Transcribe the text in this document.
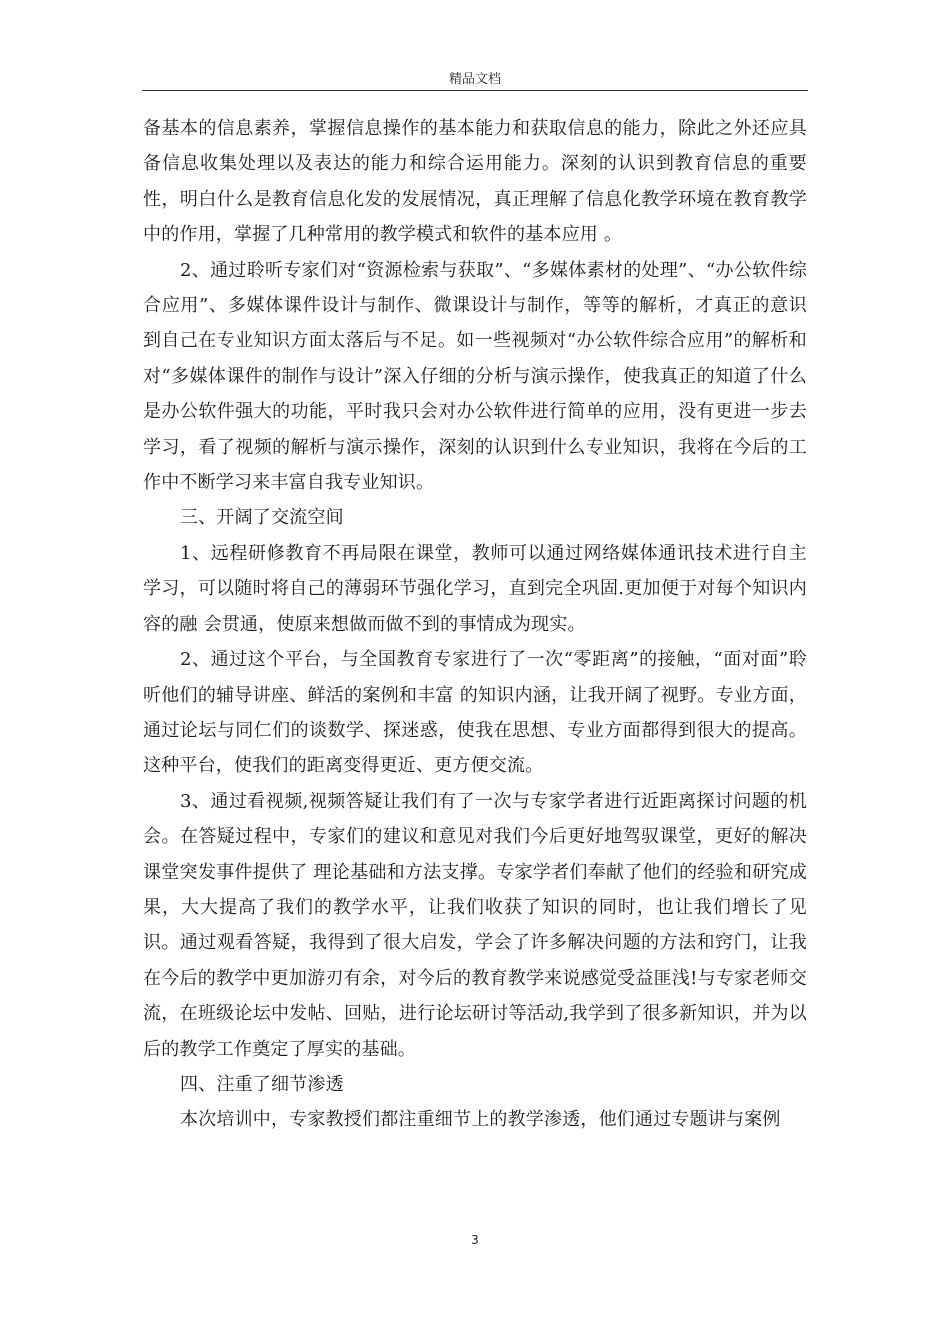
精品文档

备基本的信息素养，掌握信息操作的基本能力和获取信息的能力，除此之外还应具备信息收集处理以及表达的能力和综合运用能力。深刻的认识到教育信息的重要性，明白什么是教育信息化发的发展情况，真正理解了信息化教学环境在教育教学中的作用，掌握了几种常用的教学模式和软件的基本应用 。

2、通过聆听专家们对“资源检索与获取”、“多媒体素材的处理”、“办公软件综合应用”、多媒体课件设计与制作、微课设计与制作，等等的解析，才真正的意识到自己在专业知识方面太落后与不足。如一些视频对“办公软件综合应用”的解析和对“多媒体课件的制作与设计”深入仔细的分析与演示操作，使我真正的知道了什么是办公软件强大的功能，平时我只会对办公软件进行简单的应用，没有更进一步去学习，看了视频的解析与演示操作，深刻的认识到什么专业知识，我将在今后的工作中不断学习来丰富自我专业知识。

三、开阔了交流空间

1、远程研修教育不再局限在课堂，教师可以通过网络媒体通讯技术进行自主学习，可以随时将自己的薄弱环节强化学习，直到完全巩固.更加便于对每个知识内容的融 会贯通，使原来想做而做不到的事情成为现实。

2、通过这个平台，与全国教育专家进行了一次“零距离”的接触，“面对面”聆听他们的辅导讲座、鲜活的案例和丰富 的知识内涵，让我开阔了视野。专业方面，通过论坛与同仁们的谈数学、探迷惑，使我在思想、专业方面都得到很大的提高。这种平台，使我们的距离变得更近、更方便交流。

3、通过看视频,视频答疑让我们有了一次与专家学者进行近距离探讨问题的机会。在答疑过程中，专家们的建议和意见对我们今后更好地驾驭课堂，更好的解决课堂突发事件提供了 理论基础和方法支撑。专家学者们奉献了他们的经验和研究成果，大大提高了我们的教学水平，让我们收获了知识的同时，也让我们增长了见识。通过观看答疑，我得到了很大启发，学会了许多解决问题的方法和窍门，让我在今后的教学中更加游刃有余，对今后的教育教学来说感觉受益匪浅!与专家老师交流，在班级论坛中发帖、回贴，进行论坛研讨等活动,我学到了很多新知识，并为以后的教学工作奠定了厚实的基础。

四、注重了细节渗透

本次培训中，专家教授们都注重细节上的教学渗透，他们通过专题讲与案例

3
